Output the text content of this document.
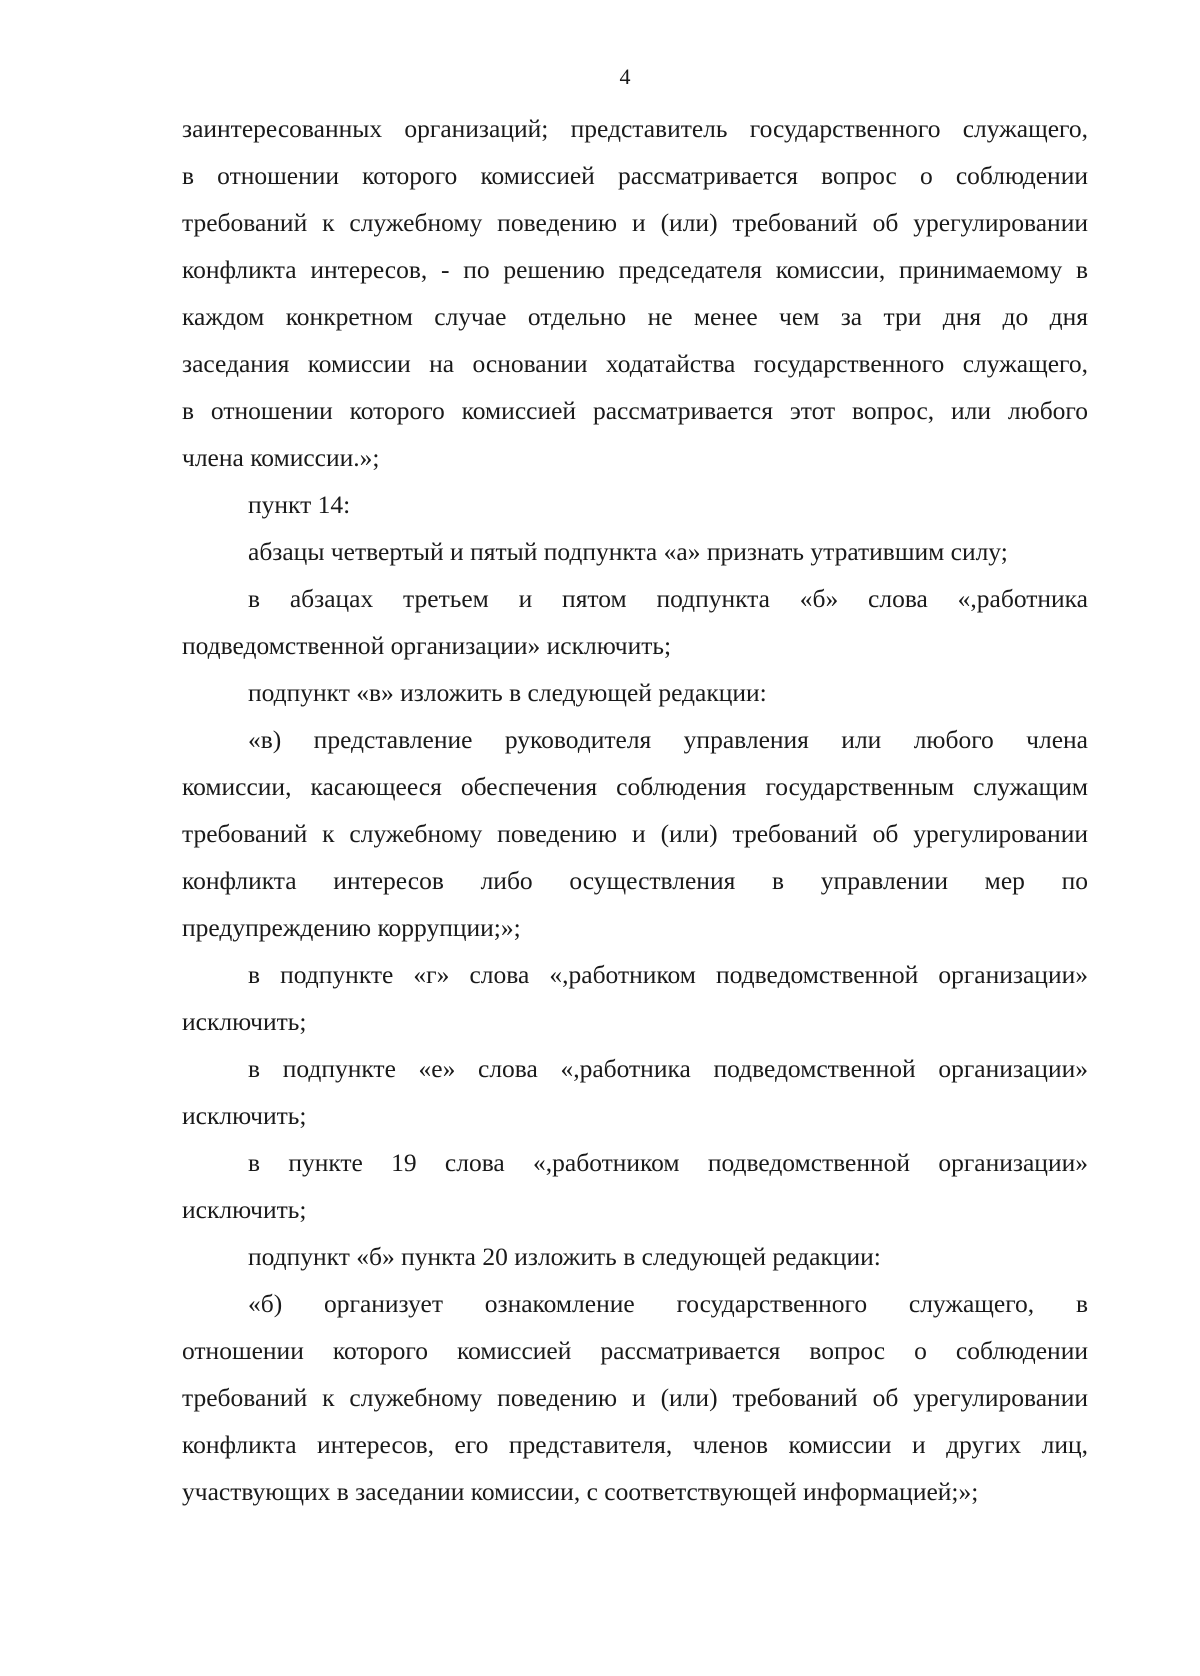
4
заинтересованных организаций; представитель государственного служащего,
в отношении которого комиссией рассматривается вопрос о соблюдении
требований к служебному поведению и (или) требований об урегулировании
конфликта интересов, - по решению председателя комиссии, принимаемому в
каждом конкретном случае отдельно не менее чем за три дня до дня
заседания комиссии на основании ходатайства государственного служащего,
в отношении которого комиссией рассматривается этот вопрос, или любого
члена комиссии.»;
пункт 14:
абзацы четвертый и пятый подпункта «а» признать утратившим силу;
в абзацах третьем и пятом подпункта «б» слова «,работника
подведомственной организации» исключить;
подпункт «в» изложить в следующей редакции:
«в) представление руководителя управления или любого члена
комиссии, касающееся обеспечения соблюдения государственным служащим
требований к служебному поведению и (или) требований об урегулировании
конфликта интересов либо осуществления в управлении мер по
предупреждению коррупции;»;
в подпункте «г» слова «,работником подведомственной организации»
исключить;
в подпункте «е» слова «,работника подведомственной организации»
исключить;
в пункте 19 слова «,работником подведомственной организации»
исключить;
подпункт «б» пункта 20 изложить в следующей редакции:
«б) организует ознакомление государственного служащего, в
отношении которого комиссией рассматривается вопрос о соблюдении
требований к служебному поведению и (или) требований об урегулировании
конфликта интересов, его представителя, членов комиссии и других лиц,
участвующих в заседании комиссии, с соответствующей информацией;»;
